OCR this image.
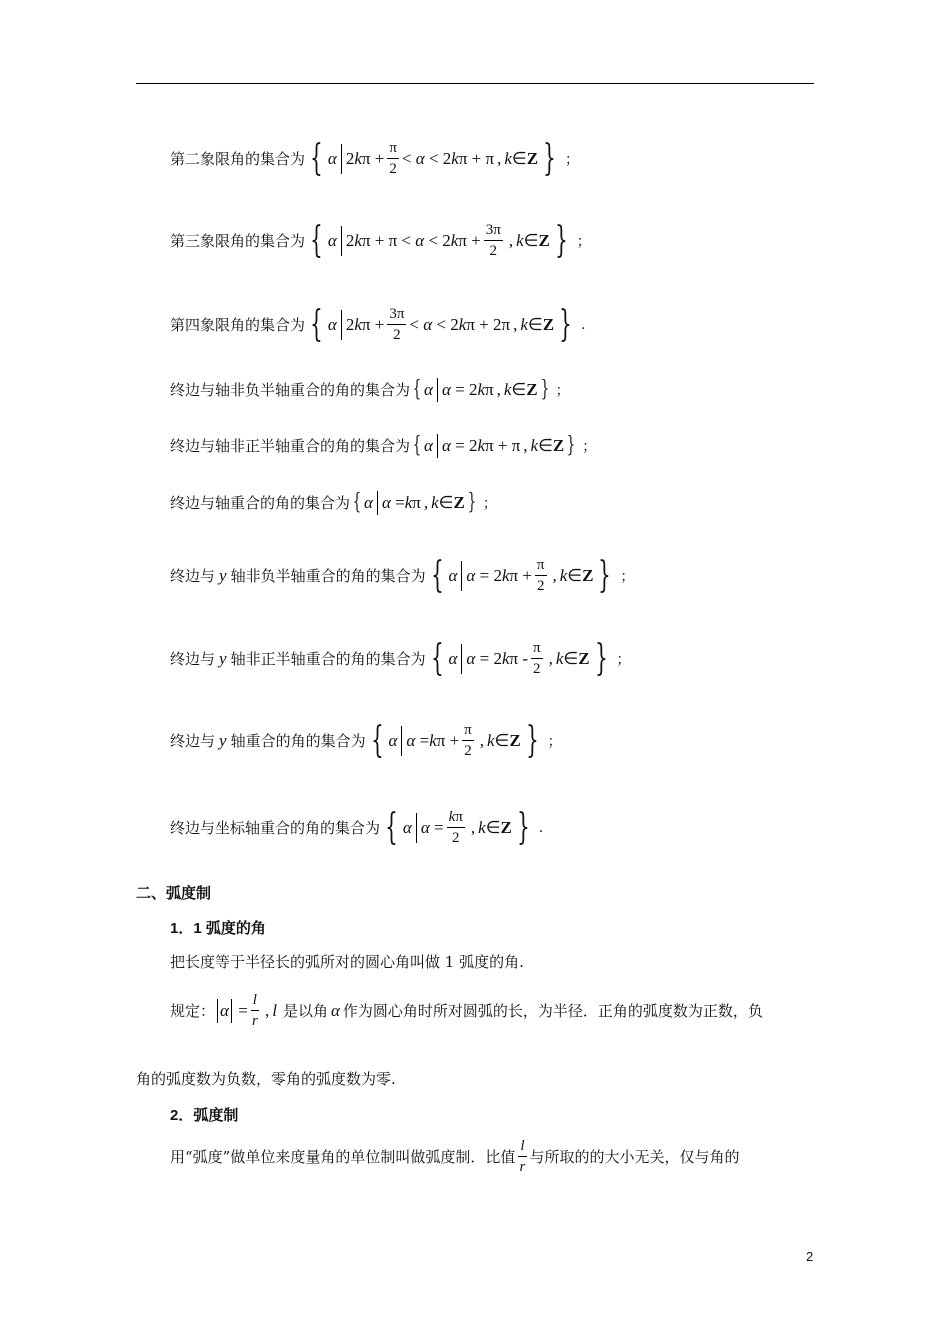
第二象限角的集合为 { α 2 k $\pi + \frac{\pi}{2} < \alpha < 2$ k π + π , k ∈ Z } ；
第三象限角的集合为 { α 2 k π + π < α < 2 k $\pi + \frac{3\pi}{2}$ , k ∈ Z } ；
第四象限角的集合为 { α 2 k $\pi + \frac{3\pi}{2} < \alpha < 2$ k π + 2π , k ∈ Z } .
终边与轴非负半轴重合的角的集合为 { α α = 2 k π , k ∈ Z } ；
终边与轴非正半轴重合的角的集合为 { α α = 2 k π + π , k ∈ Z } ；
终边与轴重合的角的集合为 { α α = k π , k ∈ Z } ；
终边与 y 轴非负半轴重合的角的集合为 { α α = 2 k $\pi + \frac{\pi}{2}$ , k ∈ Z } ；
终边与 y 轴非正半轴重合的角的集合为 { α α = 2 k π - $\frac{\pi}{2}$ , k ∈ Z } ；
终边与 y 轴重合的角的集合为 { α α = k $\pi + \frac{\pi}{2}$ , k ∈ Z } ；
终边与坐标轴重合的角的集合为 { α $\alpha = \frac{k\pi}{2}$ , k ∈ Z } .
二、弧度制
1．1 弧度的角
把长度等于半径长的弧所对的圆心角叫做 1 弧度的角.
规定： $\alpha = \frac{l}{r}$ , l 是以角 α 作为圆心角时所对圆弧的长，为半径．正角的弧度数为正数，负
角的弧度数为负数，零角的弧度数为零.
2．弧度制
用“弧度”做单位来度量角的单位制叫做弧度制．比值 $\frac{l}{r}$ 与所取的的大小无关，仅与角的
2
